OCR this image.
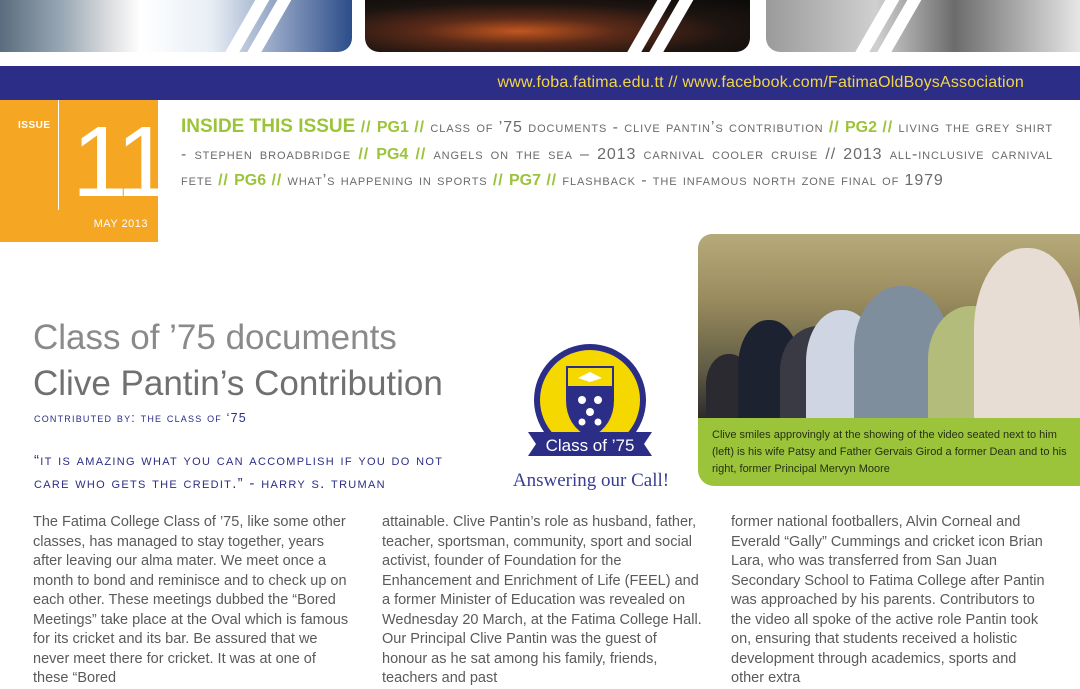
www.foba.fatima.edu.tt // www.facebook.com/FatimaOldBoysAssociation
ISSUE 11
MAY 2013
INSIDE THIS ISSUE // PG1 // class of ’75 documents - clive pantin’s contribution // PG2 // living the grey shirt - stephen broadbridge // PG4 // angels on the sea – 2013 carnival cooler cruise // 2013 all-inclusive carnival fete // PG6 // what’s happening in sports // PG7 // flashback - the infamous north zone final of 1979

Clive smiles approvingly at the showing of the video seated next to him (left) is his wife Patsy and Father Gervais Girod a former Dean and to his right, former Principal Mervyn Moore

Class of ’75 documents
Clive Pantin’s Contribution

contributed by: the class of ‘75

“it is amazing what you can accomplish if you do not care who gets the credit.” - harry s. truman

Class of ’75
Answering our Call!

The Fatima College Class of ’75, like some other classes, has managed to stay together, years after leaving our alma mater. We meet once a month to bond and reminisce and to check up on each other. These meetings dubbed the “Bored Meetings” take place at the Oval which is famous for its cricket and its bar. Be assured that we never meet there for cricket. It was at one of these “Bored

attainable. Clive Pantin’s role as husband, father, teacher, sportsman, community, sport and social activist, founder of Foundation for the Enhancement and Enrichment of Life (FEEL) and a former Minister of Education was revealed on Wednesday 20 March, at the Fatima College Hall. Our Principal Clive Pantin was the guest of honour as he sat among his family, friends, teachers and past

former national footballers, Alvin Corneal and Everald “Gally” Cummings and cricket icon Brian Lara, who was transferred from San Juan Secondary School to Fatima College after Pantin was approached by his parents. Contributors to the video all spoke of the active role Pantin took on, ensuring that students received a holistic development through academics, sports and other extra
